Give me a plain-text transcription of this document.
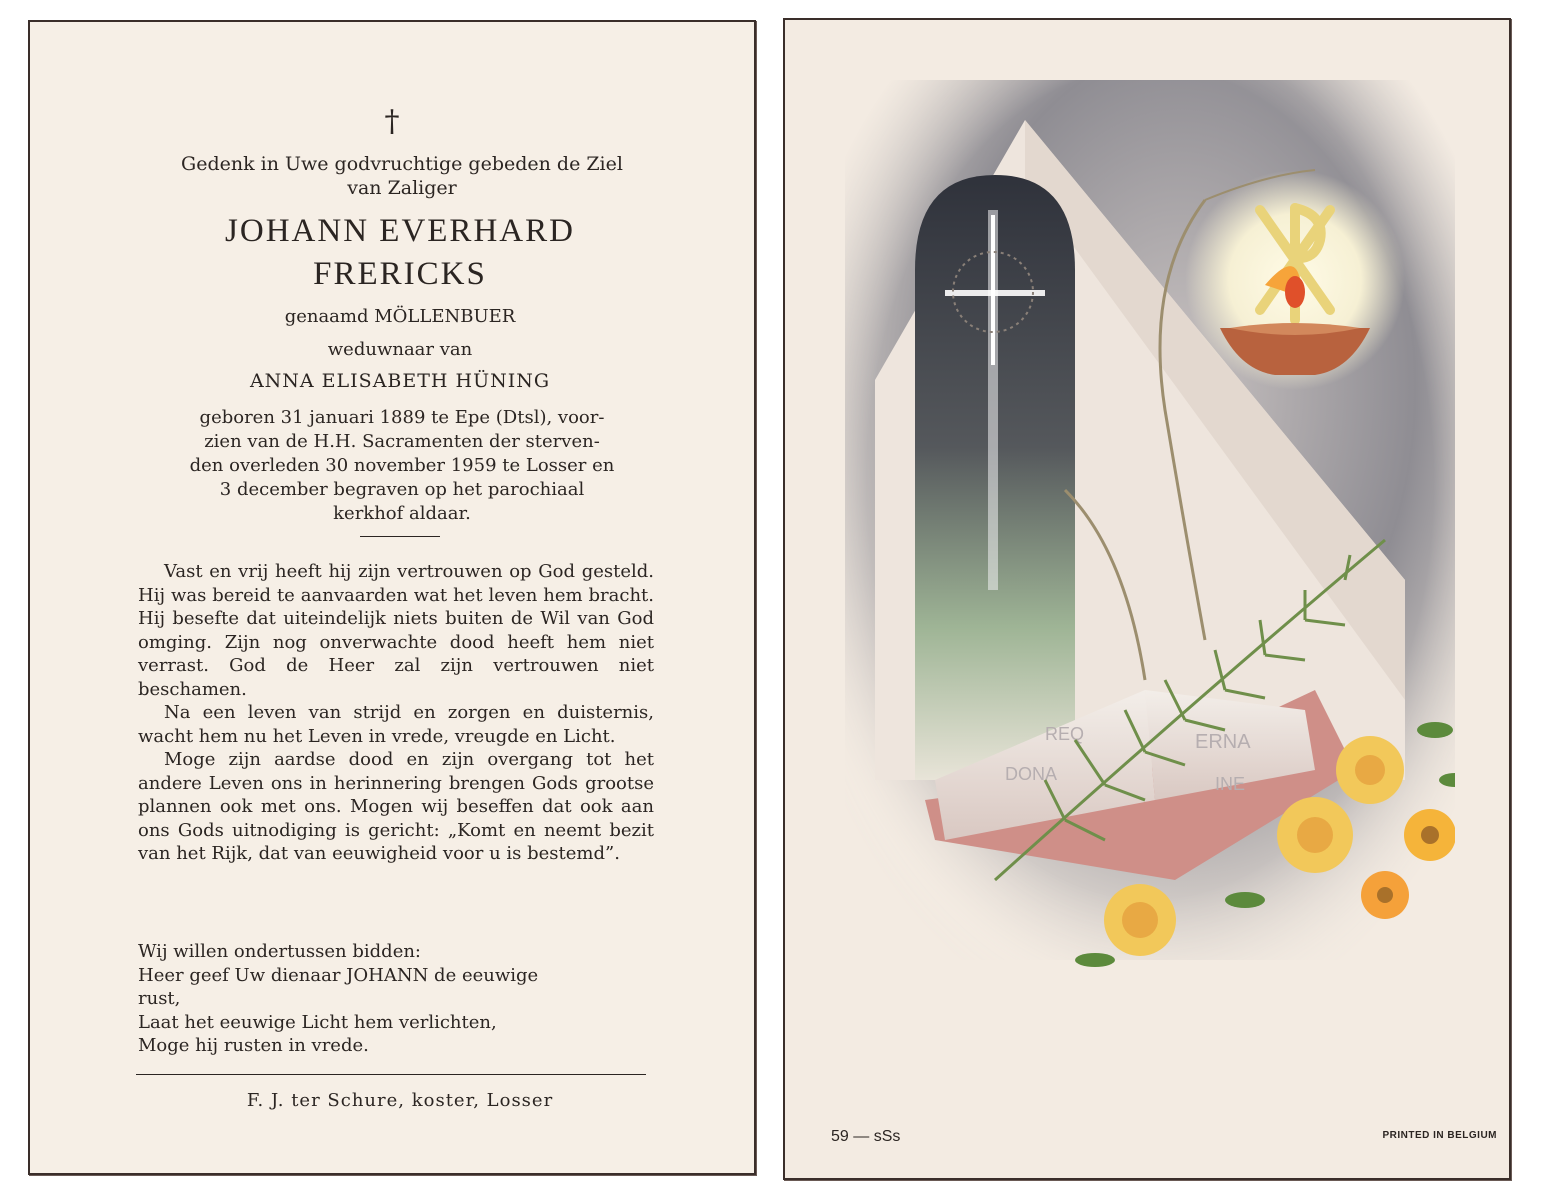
†
Gedenk in Uwe godvruchtige gebeden de Ziel
van Zaliger
JOHANN EVERHARD
FRERICKS
genaamd MÖLLENBUER
weduwnaar van
ANNA ELISABETH HÜNING
geboren 31 januari 1889 te Epe (Dtsl), voor-
zien van de H.H. Sacramenten der sterven-
den overleden 30 november 1959 te Losser en
3 december begraven op het parochiaal
kerkhof aldaar.

Vast en vrij heeft hij zijn vertrouwen op God gesteld. Hij was bereid te aanvaarden wat het leven hem bracht. Hij besefte dat uiteindelijk niets buiten de Wil van God omging. Zijn nog onverwachte dood heeft hem niet verrast. God de Heer zal zijn vertrouwen niet beschamen.

Na een leven van strijd en zorgen en duisternis, wacht hem nu het Leven in vrede, vreugde en Licht.

Moge zijn aardse dood en zijn overgang tot het andere Leven ons in herinnering brengen Gods grootse plannen ook met ons. Mogen wij beseffen dat ook aan ons Gods uitnodiging is gericht: „Komt en neemt bezit van het Rijk, dat van eeuwigheid voor u is bestemd”.

Wij willen ondertussen bidden:
Heer geef Uw dienaar JOHANN de eeuwige
rust,
Laat het eeuwige Licht hem verlichten,
Moge hij rusten in vrede.
F. J. ter Schure, koster, Losser
REQ
DONA
ERNA
INE
59 — sSs	PRINTED IN BELGIUM
